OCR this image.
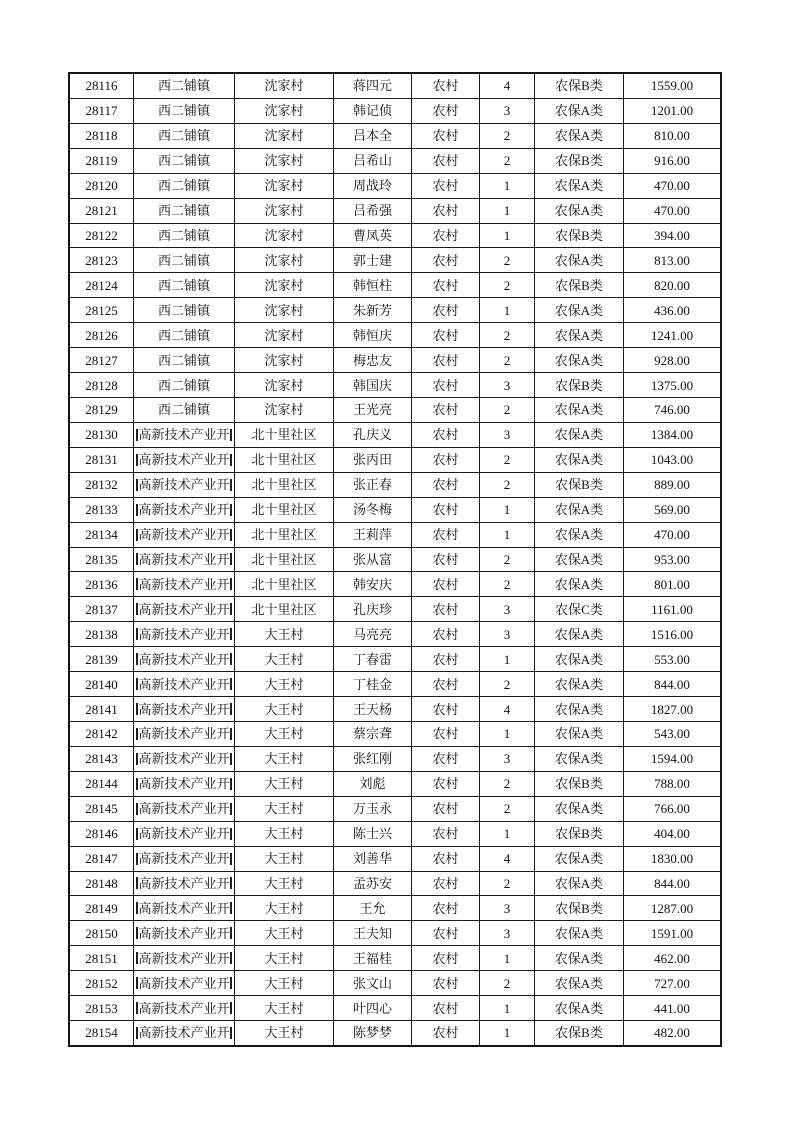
28116	西二铺镇	沈家村	蒋四元	农村	4	农保B类	1559.00
28117	西二铺镇	沈家村	韩记侦	农村	3	农保A类	1201.00
28118	西二铺镇	沈家村	吕本全	农村	2	农保A类	810.00
28119	西二铺镇	沈家村	吕希山	农村	2	农保B类	916.00
28120	西二铺镇	沈家村	周战玲	农村	1	农保A类	470.00
28121	西二铺镇	沈家村	吕希强	农村	1	农保A类	470.00
28122	西二铺镇	沈家村	曹凤英	农村	1	农保B类	394.00
28123	西二铺镇	沈家村	郭士建	农村	2	农保A类	813.00
28124	西二铺镇	沈家村	韩恒柱	农村	2	农保B类	820.00
28125	西二铺镇	沈家村	朱新芳	农村	1	农保A类	436.00
28126	西二铺镇	沈家村	韩恒庆	农村	2	农保A类	1241.00
28127	西二铺镇	沈家村	梅忠友	农村	2	农保A类	928.00
28128	西二铺镇	沈家村	韩国庆	农村	3	农保B类	1375.00
28129	西二铺镇	沈家村	王光亮	农村	2	农保A类	746.00
28130	高新技术产业开	北十里社区	孔庆义	农村	3	农保A类	1384.00
28131	高新技术产业开	北十里社区	张丙田	农村	2	农保A类	1043.00
28132	高新技术产业开	北十里社区	张正春	农村	2	农保B类	889.00
28133	高新技术产业开	北十里社区	汤冬梅	农村	1	农保A类	569.00
28134	高新技术产业开	北十里社区	王莉萍	农村	1	农保A类	470.00
28135	高新技术产业开	北十里社区	张从富	农村	2	农保A类	953.00
28136	高新技术产业开	北十里社区	韩安庆	农村	2	农保A类	801.00
28137	高新技术产业开	北十里社区	孔庆珍	农村	3	农保C类	1161.00
28138	高新技术产业开	大王村	马亮亮	农村	3	农保A类	1516.00
28139	高新技术产业开	大王村	丁春雷	农村	1	农保A类	553.00
28140	高新技术产业开	大王村	丁桂金	农村	2	农保A类	844.00
28141	高新技术产业开	大王村	王天杨	农村	4	农保A类	1827.00
28142	高新技术产业开	大王村	蔡宗聋	农村	1	农保A类	543.00
28143	高新技术产业开	大王村	张红刚	农村	3	农保A类	1594.00
28144	高新技术产业开	大王村	刘彪	农村	2	农保B类	788.00
28145	高新技术产业开	大王村	万玉永	农村	2	农保A类	766.00
28146	高新技术产业开	大王村	陈士兴	农村	1	农保B类	404.00
28147	高新技术产业开	大王村	刘善华	农村	4	农保A类	1830.00
28148	高新技术产业开	大王村	孟苏安	农村	2	农保A类	844.00
28149	高新技术产业开	大王村	王允	农村	3	农保B类	1287.00
28150	高新技术产业开	大王村	王夫知	农村	3	农保A类	1591.00
28151	高新技术产业开	大王村	王福桂	农村	1	农保A类	462.00
28152	高新技术产业开	大王村	张文山	农村	2	农保A类	727.00
28153	高新技术产业开	大王村	叶四心	农村	1	农保A类	441.00
28154	高新技术产业开	大王村	陈梦梦	农村	1	农保B类	482.00
